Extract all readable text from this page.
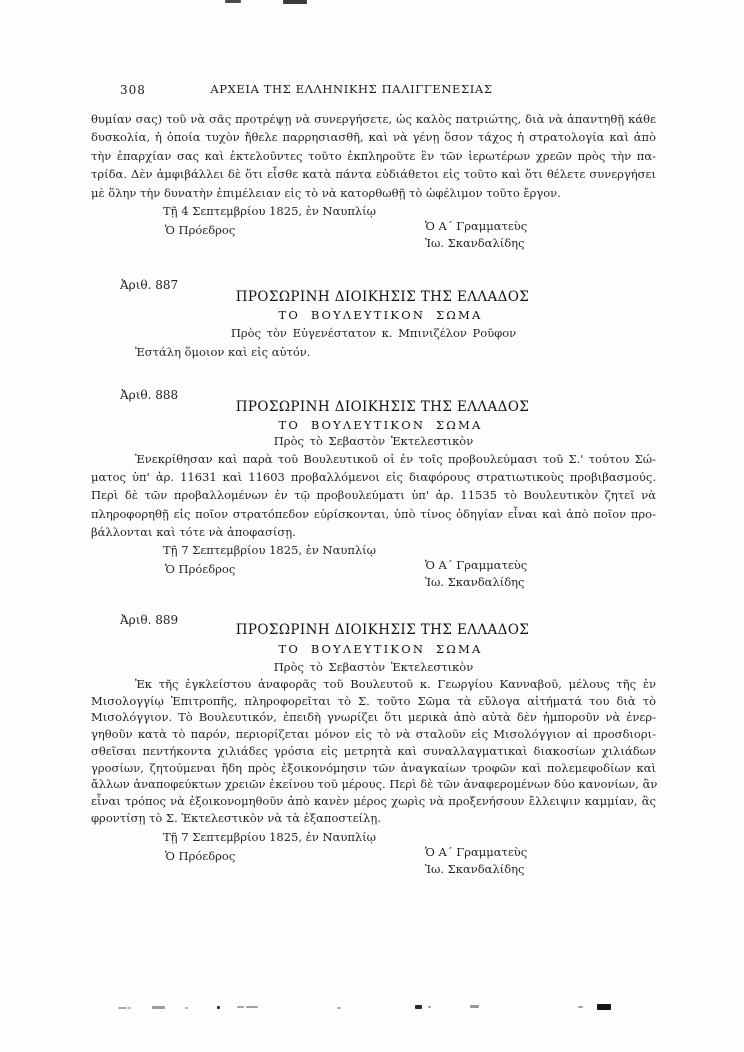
308	ΑΡΧΕΙΑ ΤΗΣ ΕΛΛΗΝΙΚΗΣ ΠΑΛΙΓΓΕΝΕΣΙΑΣ
θυμίαν σας) τοῦ νὰ σᾶς προτρέψῃ νὰ συνεργήσετε, ὡς καλὸς πατριώτης, διὰ νὰ ἀπαντηθῇ κάθε
δυσκολία, ἡ ὁποία τυχὸν ἤθελε παρρησιασθῆ, καὶ νὰ γένῃ ὅσον τάχος ἡ στρατολογία καὶ ἀπὸ
τὴν ἐπαρχίαν σας καὶ ἐκτελοῦντες τοῦτο ἐκπληροῦτε ἓν τῶν ἱερωτέρων χρεῶν πρὸς τὴν πα-
τρίδα. Δὲν ἀμφιβάλλει δὲ ὅτι εἶσθε κατὰ πάντα εὐδιάθετοι εἰς τοῦτο καὶ ὅτι θέλετε συνεργήσει
μὲ ὅλην τὴν δυνατὴν ἐπιμέλειαν εἰς τὸ νὰ κατορθωθῇ τὸ ὠφέλιμον τοῦτο ἔργον.
Τῇ 4 Σεπτεμβρίου 1825, ἐν Ναυπλίῳ
Ὁ Πρόεδρος	Ὁ Α΄ Γραμματεὺς
Ἰω. Σκανδαλίδης
Ἀριθ. 887
ΠΡΟΣΩΡΙΝΗ ΔΙΟΙΚΗΣΙΣ ΤΗΣ ΕΛΛΑΔΟΣ
ΤΟ ΒΟΥΛΕΥΤΙΚΟΝ ΣΩΜΑ
Πρὸς τὸν Εὐγενέστατον κ. Μπινιζέλον Ροῦφον
Ἐστάλη ὅμοιον καὶ εἰς αὐτόν.
Ἀριθ. 888
ΠΡΟΣΩΡΙΝΗ ΔΙΟΙΚΗΣΙΣ ΤΗΣ ΕΛΛΑΔΟΣ
ΤΟ ΒΟΥΛΕΥΤΙΚΟΝ ΣΩΜΑ
Πρὸς τὸ Σεβαστὸν Ἐκτελεστικὸν
Ἐνεκρίθησαν καὶ παρὰ τοῦ Βουλευτικοῦ οἱ ἐν τοῖς προβουλεύμασι τοῦ Σ.' τούτου Σώ-
ματος ὑπ' ἀρ. 11631 καὶ 11603 προβαλλόμενοι εἰς διαφόρους στρατιωτικοὺς προβιβασμούς.
Περὶ δὲ τῶν προβαλλομένων ἐν τῷ προβουλεύματι ὑπ' ἀρ. 11535 τὸ Βουλευτικὸν ζητεῖ νὰ
πληροφορηθῇ εἰς ποῖον στρατόπεδον εὑρίσκονται, ὑπὸ τίνος ὁδηγίαν εἶναι καὶ ἀπὸ ποῖον προ-
βάλλονται καὶ τότε νὰ ἀποφασίσῃ.
Τῇ 7 Σεπτεμβρίου 1825, ἐν Ναυπλίῳ
Ὁ Πρόεδρος	Ὁ Α΄ Γραμματεὺς
Ἰω. Σκανδαλίδης
Ἀριθ. 889
ΠΡΟΣΩΡΙΝΗ ΔΙΟΙΚΗΣΙΣ ΤΗΣ ΕΛΛΑΔΟΣ
ΤΟ ΒΟΥΛΕΥΤΙΚΟΝ ΣΩΜΑ
Πρὸς τὸ Σεβαστὸν Ἐκτελεστικὸν
Ἐκ τῆς ἐγκλείστου ἀναφορᾶς τοῦ Βουλευτοῦ κ. Γεωργίου Κανναβοῦ, μέλους τῆς ἐν
Μισολογγίῳ Ἐπιτροπῆς, πληροφορεῖται τὸ Σ. τοῦτο Σῶμα τὰ εὔλογα αἰτήματά του διὰ τὸ
Μισολόγγιον. Τὸ Βουλευτικόν, ἐπειδὴ γνωρίζει ὅτι μερικὰ ἀπὸ αὐτὰ δὲν ἠμποροῦν νὰ ἐνερ-
γηθοῦν κατὰ τὸ παρόν, περιορίζεται μόνον εἰς τὸ νὰ σταλοῦν εἰς Μισολόγγιον αἱ προσδιορι-
σθεῖσαι πεντήκοντα χιλιάδες γρόσια εἰς μετρητὰ καὶ συναλλαγματικαὶ διακοσίων χιλιάδων
γροσίων, ζητούμεναι ἤδη πρὸς ἐξοικονόμησιν τῶν ἀναγκαίων τροφῶν καὶ πολεμεφοδίων καὶ
ἄλλων ἀναποφεύκτων χρειῶν ἐκείνου τοῦ μέρους. Περὶ δὲ τῶν ἀναφερομένων δύο κανονίων, ἂν
εἶναι τρόπος νὰ ἐξοικονομηθοῦν ἀπὸ κανὲν μέρος χωρὶς νὰ προξενήσουν ἔλλειψιν καμμίαν, ἂς
φροντίσῃ τὸ Σ. Ἐκτελεστικὸν νὰ τὰ ἐξαποστείλῃ.
Τῇ 7 Σεπτεμβρίου 1825, ἐν Ναυπλίῳ
Ὁ Πρόεδρος	Ὁ Α΄ Γραμματεὺς
Ἰω. Σκανδαλίδης
